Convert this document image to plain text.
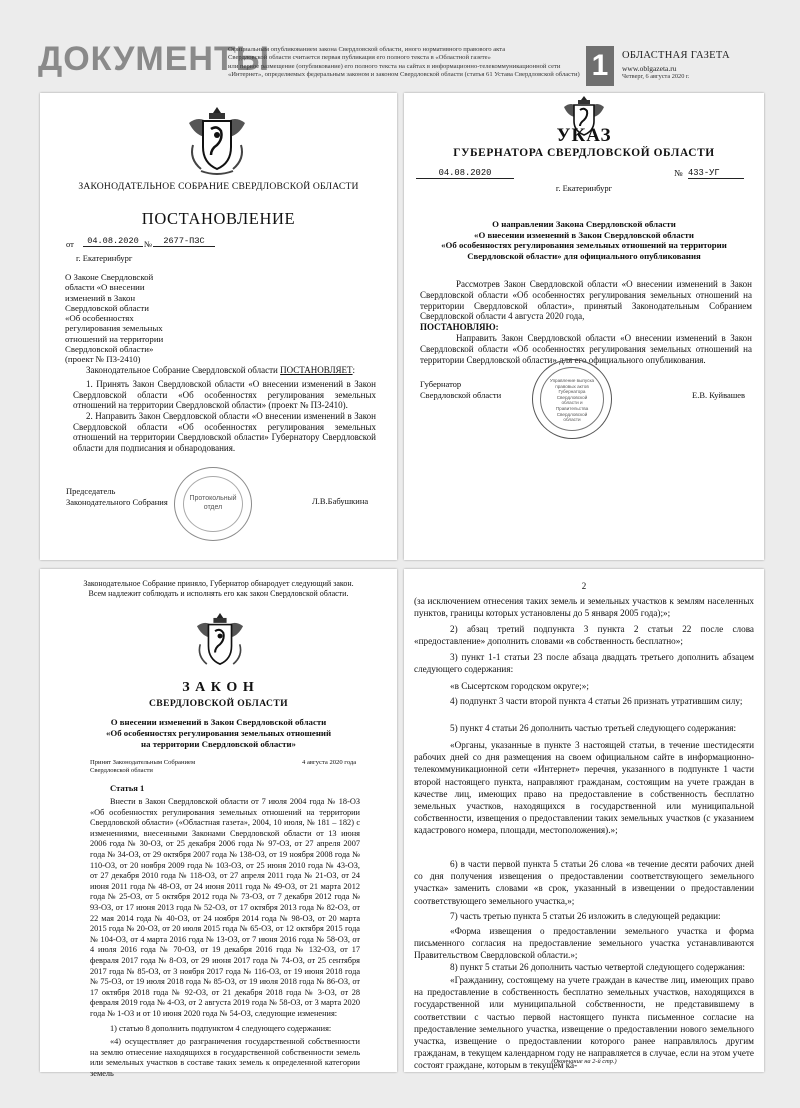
ДОКУМЕНТЫ

Официальным опубликованием закона Свердловской области, иного нормативного правового акта

Свердловской области считается первая публикация его полного текста в «Областной газете»

или первое размещение (опубликование) его полного текста на сайтах в информационно-телекоммуникационной сети

«Интернет», определяемых федеральным законом и законом Свердловской области (статья 61 Устава Свердловской области) 1	ОБЛАСТНАЯ ГАЗЕТА
www.oblgazeta.ru
Четверг, 6 августа 2020 г.
ЗАКОНОДАТЕЛЬНОЕ СОБРАНИЕ СВЕРДЛОВСКОЙ ОБЛАСТИ
ПОСТАНОВЛЕНИЕ
от	04.08.2020 №	2677-ПЗС
г. Екатеринбург
О Законе Свердловской
области «О внесении
изменений в Закон
Свердловской области
«Об особенностях
регулирования земельных
отношений на территории
Свердловской области»
(проект № ПЗ-2410)
Законодательное Собрание Свердловской области ПОСТАНОВЛЯЕТ:
1. Принять Закон Свердловской области «О внесении изменений в Закон Свердловской области «Об особенностях регулирования земельных отношений на территории Свердловской области» (проект № ПЗ-2410).
2. Направить Закон Свердловской области «О внесении изменений в Закон Свердловской области «Об особенностях регулирования земельных отношений на территории Свердловской области» Губернатору Свердловской области для подписания и обнародования.
Протокольный
отдел
Председатель
Законодательного Собрания	Л.В.Бабушкина
УКАЗ
ГУБЕРНАТОРА СВЕРДЛОВСКОЙ ОБЛАСТИ
04.08.2020	№ 433-УГ
г. Екатеринбург
О направлении Закона Свердловской области
«О внесении изменений в Закон Свердловской области
«Об особенностях регулирования земельных отношений на территории
Свердловской области» для официального опубликования
Рассмотрев Закон Свердловской области «О внесении изменений в Закон Свердловской области «Об особенностях регулирования земельных отношений на территории Свердловской области», принятый Законодательным Собранием Свердловской области 4 августа 2020 года,
ПОСТАНОВЛЯЮ:
Направить Закон Свердловской области «О внесении изменений в Закон Свердловской области «Об особенностях регулирования земельных отношений на территории Свердловской области» для его официального опубликования.
Губернатор
Свердловской области
Управление выпуска правовых актов Губернатора Свердловской области и Правительства Свердловской области
Е.В. Куйвашев
Законодательное Собрание приняло, Губернатор обнародует следующий закон.
Всем надлежит соблюдать и исполнять его как закон Свердловской области.
З А К О Н
СВЕРДЛОВСКОЙ ОБЛАСТИ
О внесении изменений в Закон Свердловской области
«Об особенностях регулирования земельных отношений
на территории Свердловской области»
Принят Законодательным Собранием
Свердловской области
4 августа 2020 года
Статья 1
Внести в Закон Свердловской области от 7 июля 2004 года № 18-ОЗ «Об особенностях регулирования земельных отношений на территории Свердловской области» («Областная газета», 2004, 10 июля, № 181 – 182) с изменениями, внесенными Законами Свердловской области от 13 июня 2006 года № 30-ОЗ, от 25 декабря 2006 года № 97-ОЗ, от 27 апреля 2007 года № 34-ОЗ, от 29 октября 2007 года № 138-ОЗ, от 19 ноября 2008 года № 110-ОЗ, от 20 ноября 2009 года № 103-ОЗ, от 25 июня 2010 года № 43-ОЗ, от 27 декабря 2010 года № 118-ОЗ, от 27 апреля 2011 года № 21-ОЗ, от 24 июня 2011 года № 48-ОЗ, от 24 июня 2011 года № 49-ОЗ, от 21 марта 2012 года № 25-ОЗ, от 5 октября 2012 года № 73-ОЗ, от 7 декабря 2012 года № 93-ОЗ, от 17 июня 2013 года № 52-ОЗ, от 17 октября 2013 года № 82-ОЗ, от 22 мая 2014 года № 40-ОЗ, от 24 ноября 2014 года № 98-ОЗ, от 20 марта 2015 года № 20-ОЗ, от 20 июля 2015 года № 65-ОЗ, от 12 октября 2015 года № 104-ОЗ, от 4 марта 2016 года № 13-ОЗ, от 7 июня 2016 года № 58-ОЗ, от 4 июля 2016 года № 70-ОЗ, от 19 декабря 2016 года № 132-ОЗ, от 17 февраля 2017 года № 8-ОЗ, от 29 июня 2017 года № 74-ОЗ, от 25 сентября 2017 года № 85-ОЗ, от 3 ноября 2017 года № 116-ОЗ, от 19 июня 2018 года № 75-ОЗ, от 19 июля 2018 года № 85-ОЗ, от 19 июля 2018 года № 86-ОЗ, от 17 октября 2018 года № 92-ОЗ, от 21 декабря 2018 года № 3-ОЗ, от 28 февраля 2019 года № 4-ОЗ, от 2 августа 2019 года № 58-ОЗ, от 3 марта 2020 года № 1-ОЗ и от 10 июня 2020 года № 54-ОЗ, следующие изменения:
1) статью 8 дополнить подпунктом 4 следующего содержания:
«4) осуществляет до разграничения государственной собственности на землю отнесение находящихся в государственной собственности земель или земельных участков в составе таких земель к определенной категории земель
2
(за исключением отнесения таких земель и земельных участков к землям населенных пунктов, границы которых установлены до 5 января 2005 года);»;
2) абзац третий подпункта 3 пункта 2 статьи 22 после слова «предоставление» дополнить словами «в собственность бесплатно»;
3) пункт 1-1 статьи 23 после абзаца двадцать третьего дополнить абзацем следующего содержания:
«в Сысертском городском округе;»;
4) подпункт 3 части второй пункта 4 статьи 26 признать утратившим силу;
5) пункт 4 статьи 26 дополнить частью третьей следующего содержания:
«Органы, указанные в пункте 3 настоящей статьи, в течение шестидесяти рабочих дней со дня размещения на своем официальном сайте в информационно-телекоммуникационной сети «Интернет» перечня, указанного в подпункте 1 части второй настоящего пункта, направляют гражданам, состоящим на учете граждан в качестве лиц, имеющих право на предоставление в собственность бесплатно земельных участков, находящихся в государственной или муниципальной собственности, извещения о предоставлении таких земельных участков (с указанием кадастрового номера, площади, местоположения).»;
6) в части первой пункта 5 статьи 26 слова «в течение десяти рабочих дней со дня получения извещения о предоставлении соответствующего земельного участка» заменить словами «в срок, указанный в извещении о предоставлении соответствующего земельного участка,»;
7) часть третью пункта 5 статьи 26 изложить в следующей редакции:
«Форма извещения о предоставлении земельного участка и форма письменного согласия на предоставление земельного участка устанавливаются Правительством Свердловской области.»;
8) пункт 5 статьи 26 дополнить частью четвертой следующего содержания:
«Гражданину, состоящему на учете граждан в качестве лиц, имеющих право на предоставление в собственность бесплатно земельных участков, находящихся в государственной или муниципальной собственности, не представившему в соответствии с частью первой настоящего пункта письменное согласие на предоставление земельного участка, извещение о предоставлении нового земельного участка, извещение о предоставлении которого ранее направлялось другим гражданам, в текущем календарном году не направляется в случае, если на этом учете состоят граждане, которым в текущем ка-
(Окончание на 2-й стр.)
